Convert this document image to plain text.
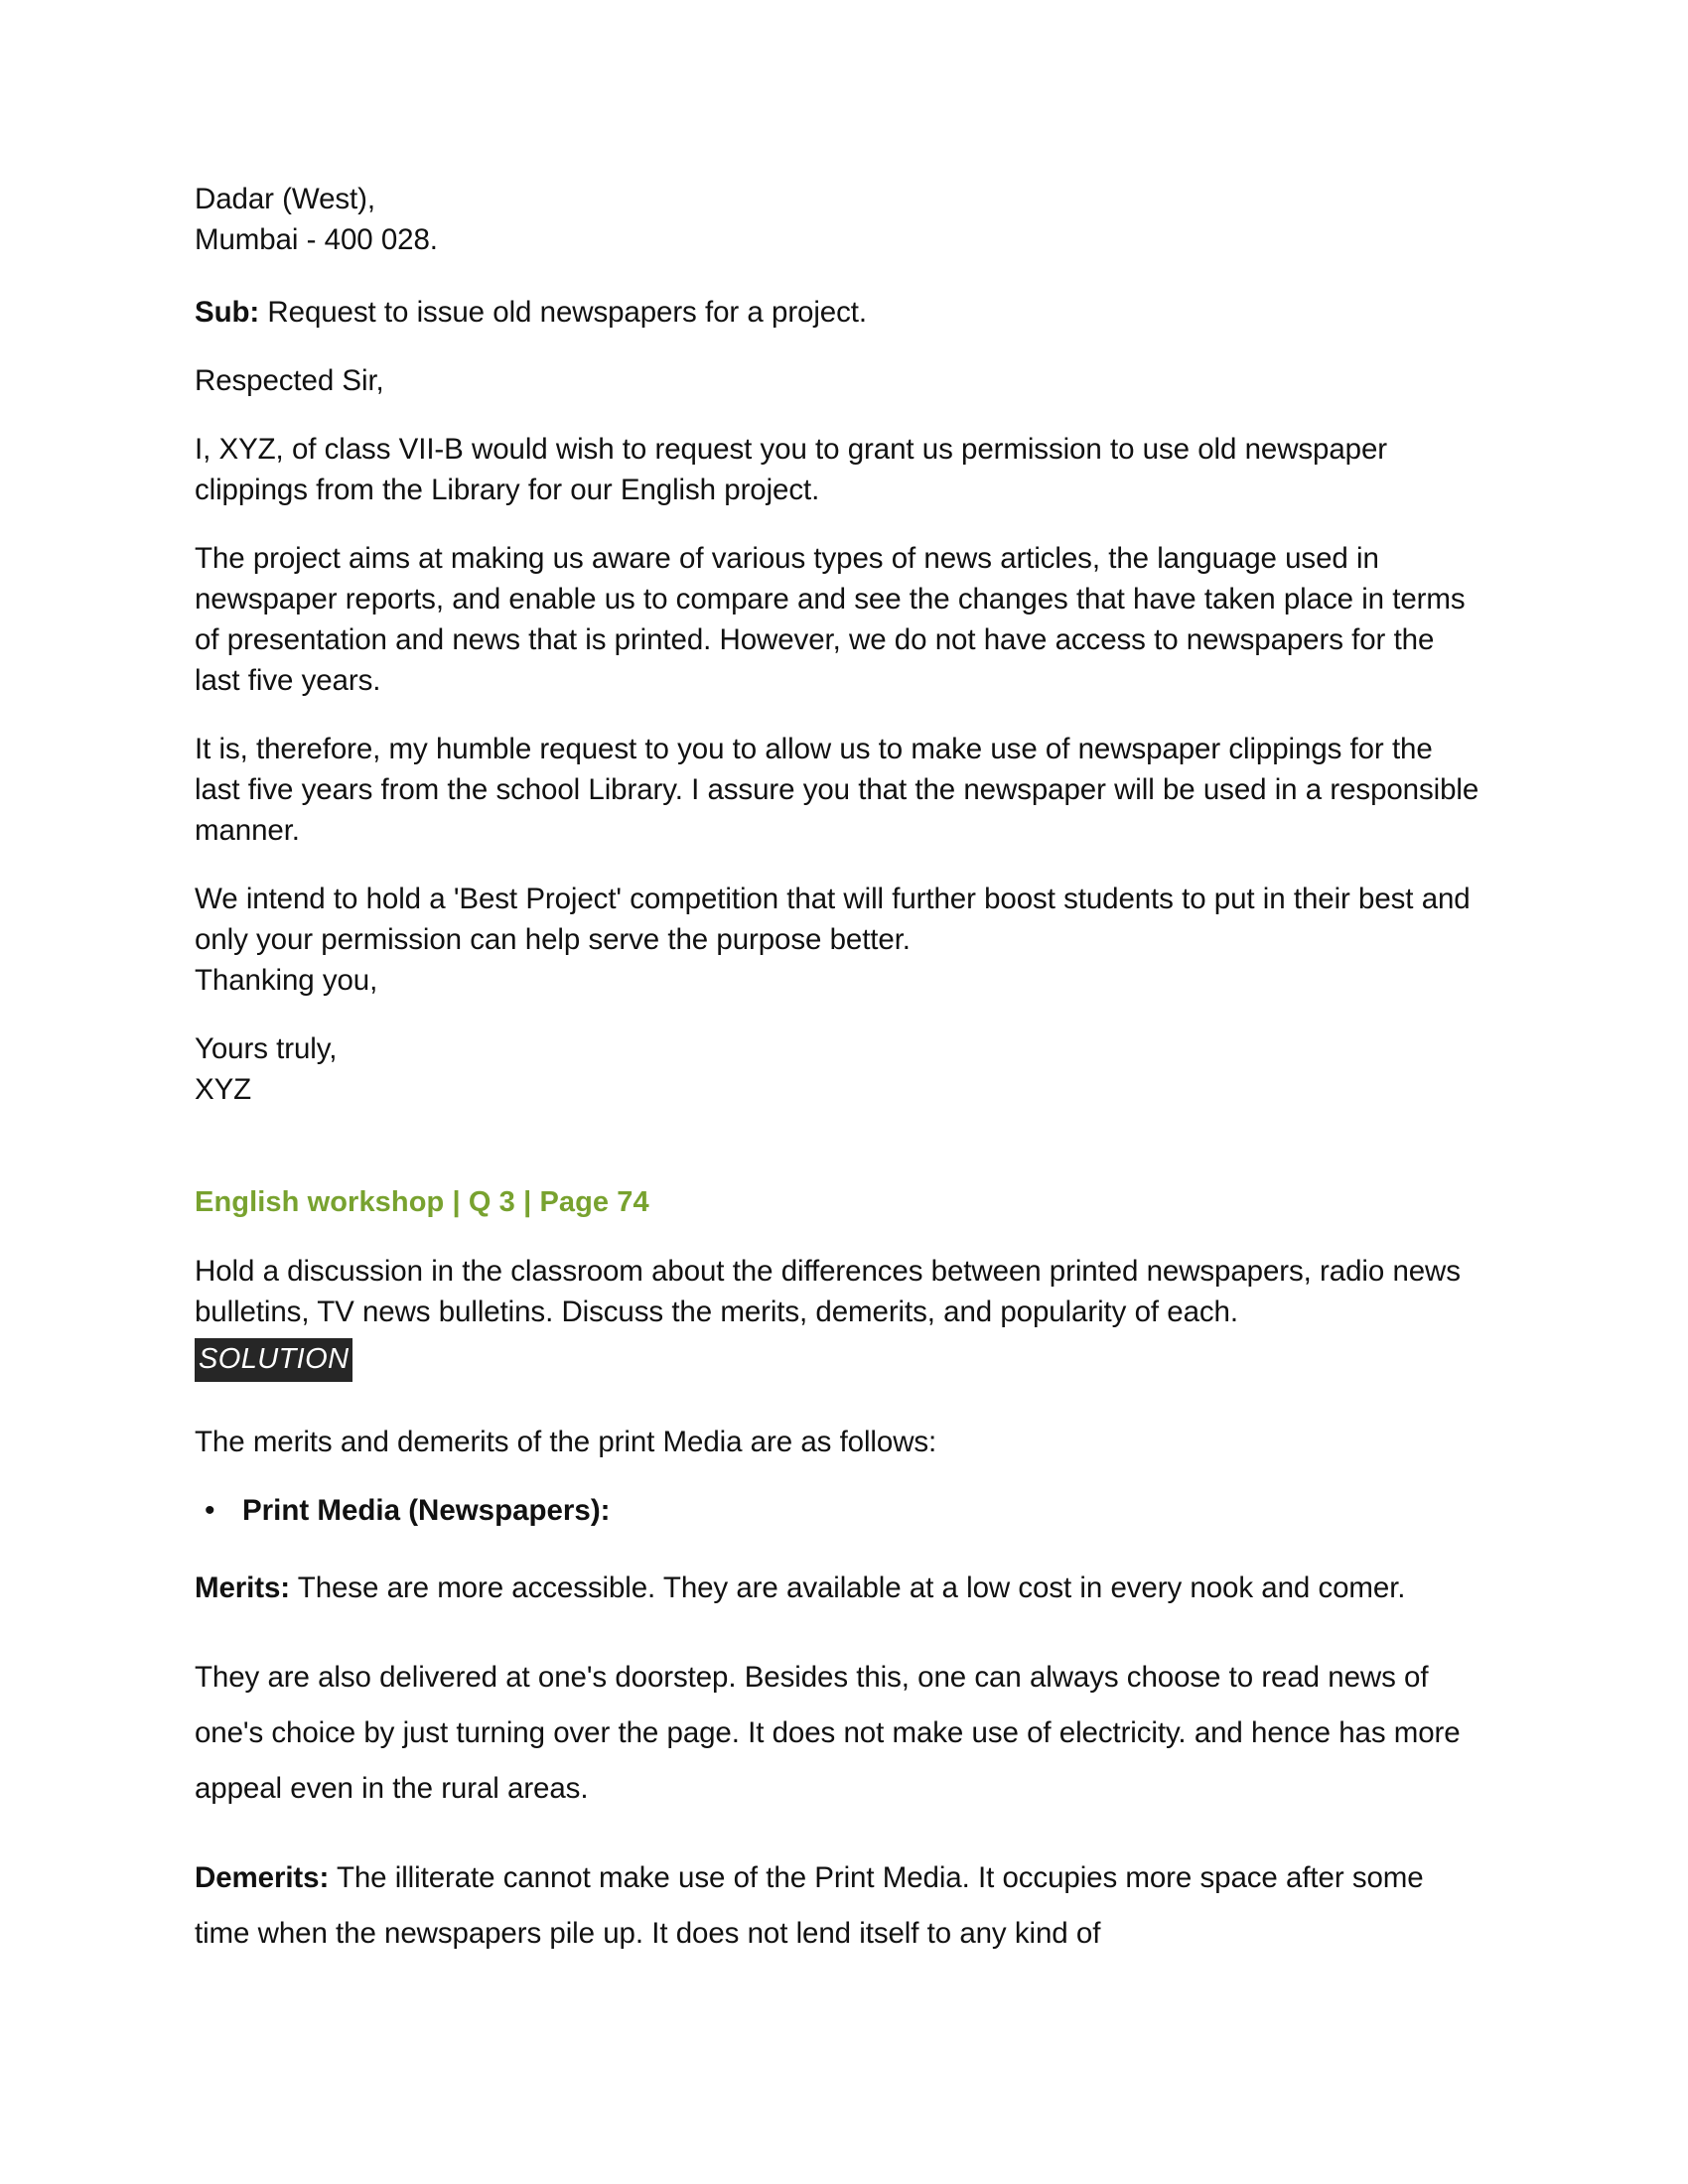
Dadar (West),
Mumbai - 400 028.

Sub: Request to issue old newspapers for a project.

Respected Sir,

I, XYZ, of class VII-B would wish to request you to grant us permission to use old newspaper clippings from the Library for our English project.

The project aims at making us aware of various types of news articles, the language used in newspaper reports, and enable us to compare and see the changes that have taken place in terms of presentation and news that is printed. However, we do not have access to newspapers for the last five years.

It is, therefore, my humble request to you to allow us to make use of newspaper clippings for the last five years from the school Library. I assure you that the newspaper will be used in a responsible manner.

We intend to hold a 'Best Project' competition that will further boost students to put in their best and only your permission can help serve the purpose better.

Thanking you,

Yours truly,
XYZ

English workshop | Q 3 | Page 74

Hold a discussion in the classroom about the differences between printed newspapers, radio news bulletins, TV news bulletins. Discuss the merits, demerits, and popularity of each.

SOLUTION

The merits and demerits of the print Media are as follows:

• Print Media (Newspapers):

Merits: These are more accessible. They are available at a low cost in every nook and comer.

They are also delivered at one's doorstep. Besides this, one can always choose to read news of one's choice by just turning over the page. It does not make use of electricity. and hence has more appeal even in the rural areas.

Demerits: The illiterate cannot make use of the Print Media. It occupies more space after some time when the newspapers pile up. It does not lend itself to any kind of
